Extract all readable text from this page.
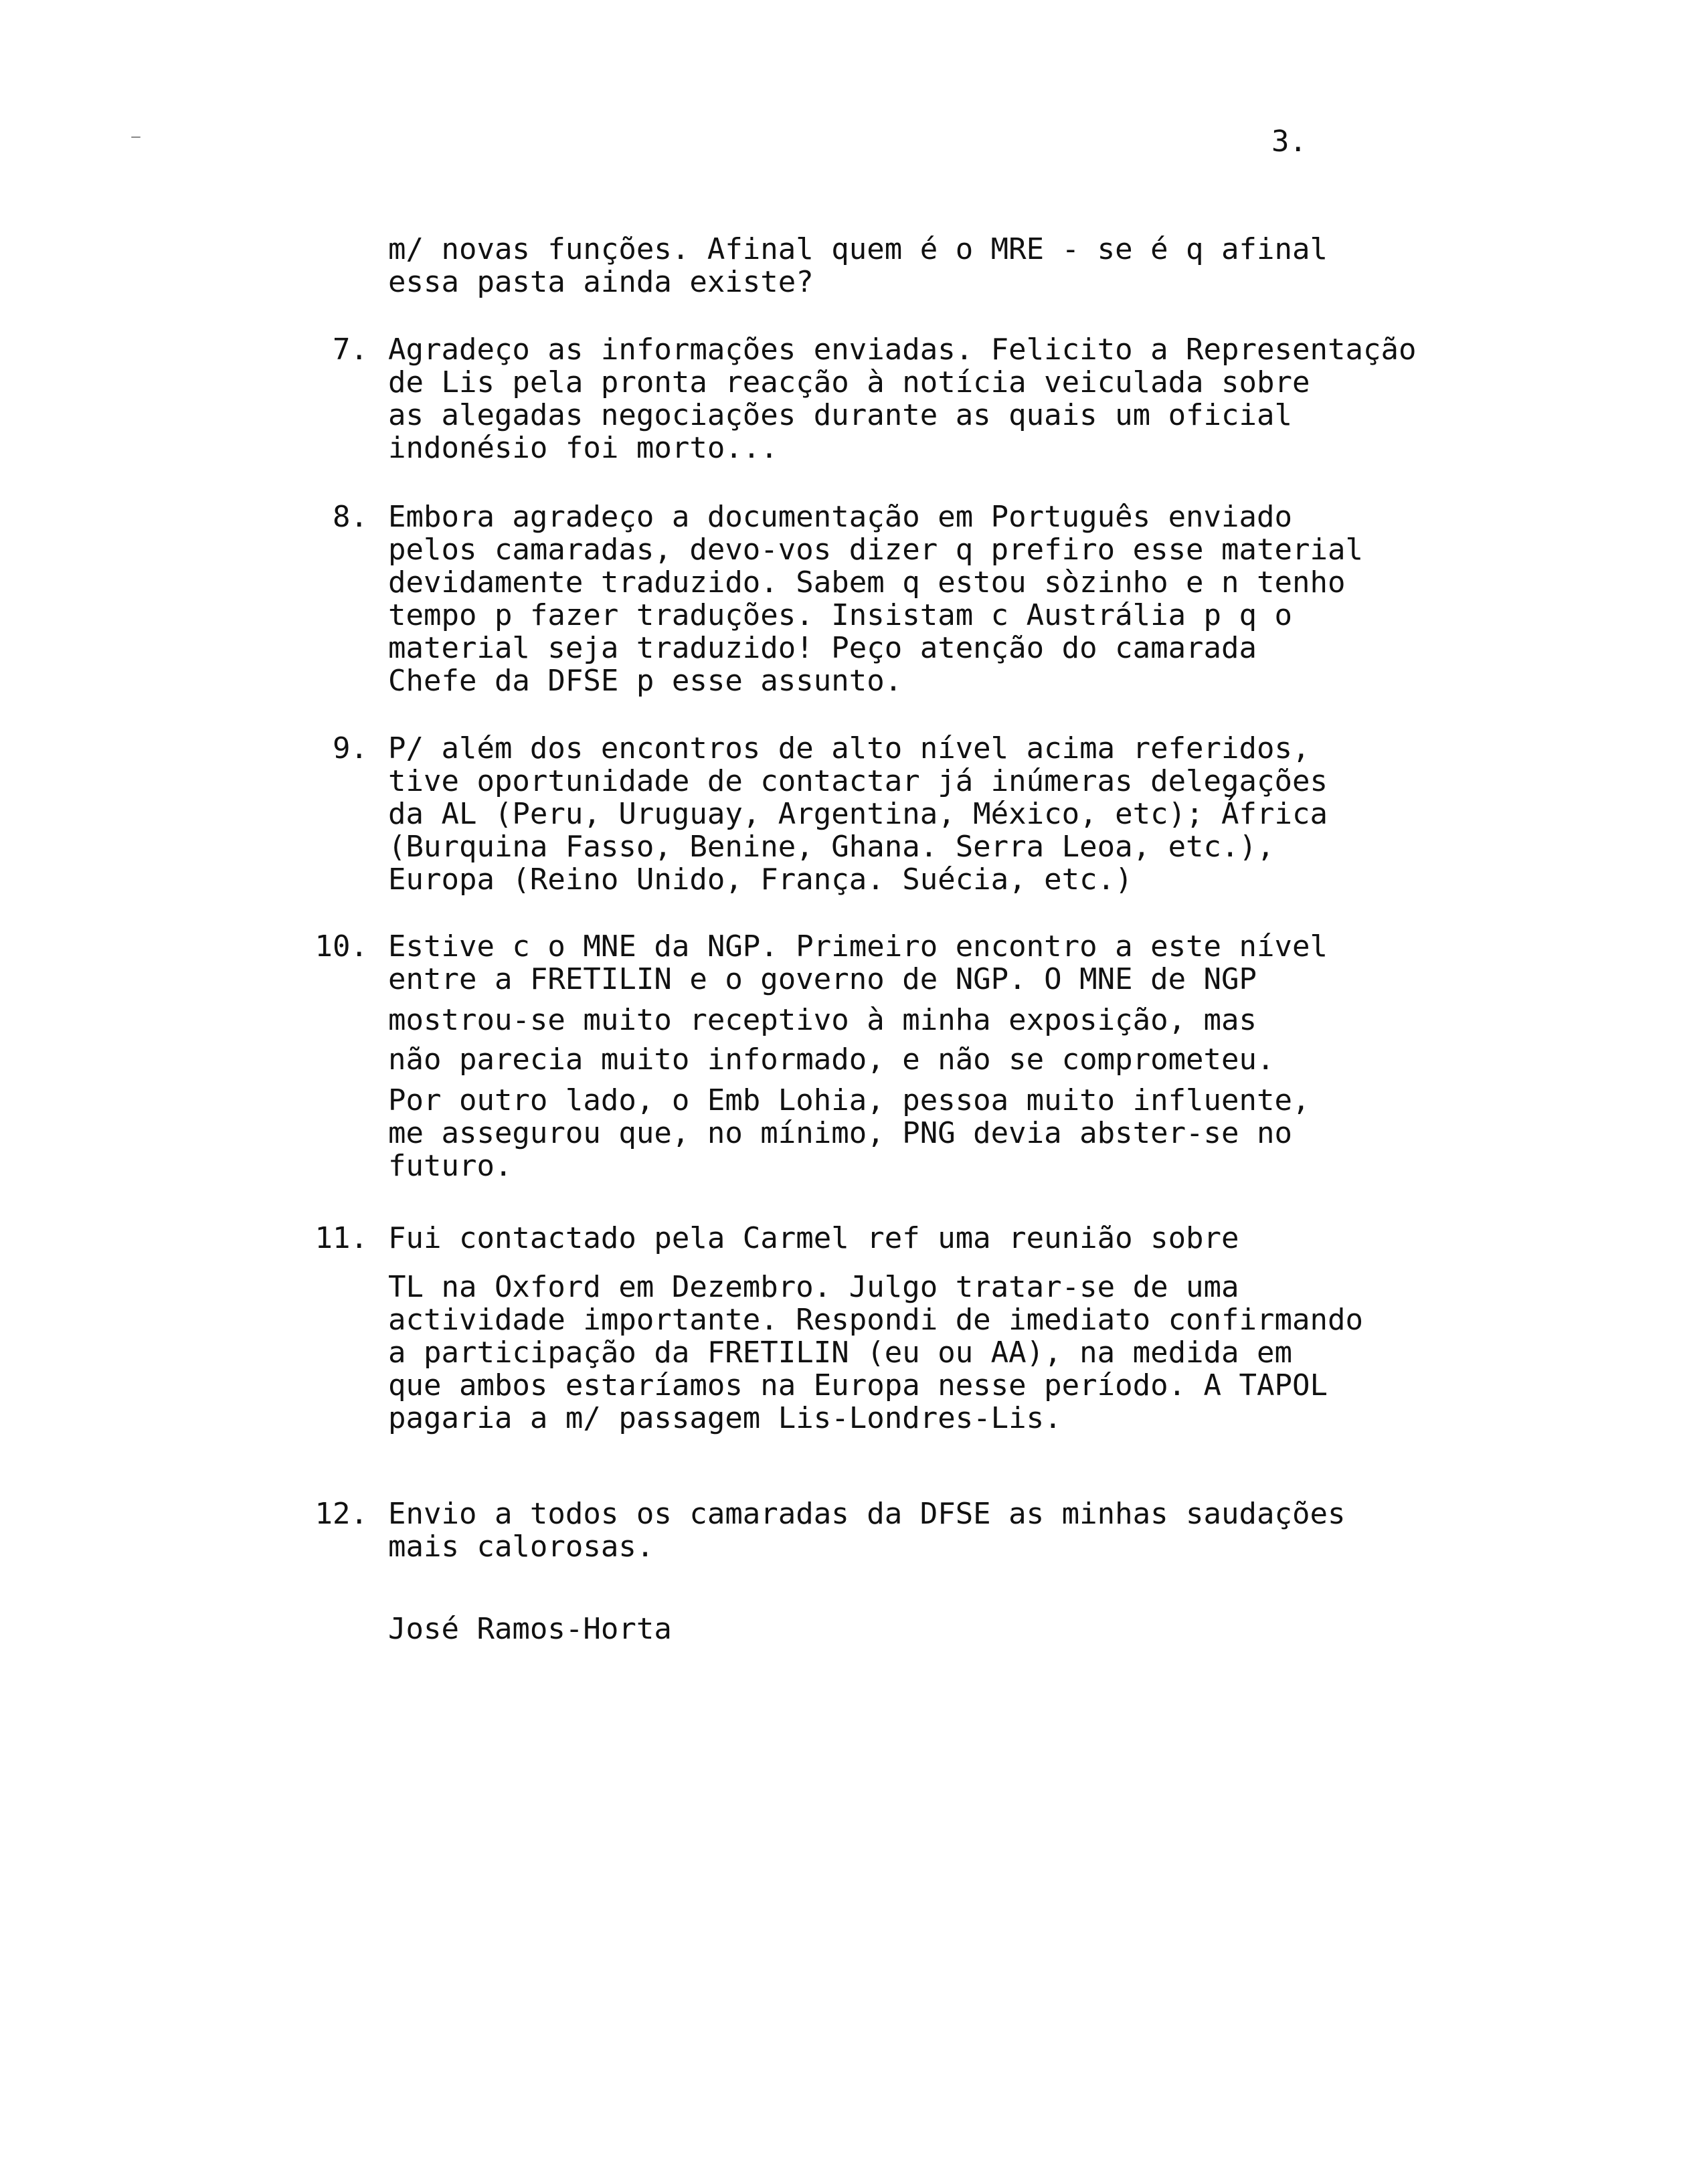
3.
m/ novas funções. Afinal quem é o MRE - se é q afinal
essa pasta ainda existe?
7. Agradeço as informações enviadas. Felicito a Representação
de Lis pela pronta reacção à notícia veiculada sobre
as alegadas negociações durante as quais um oficial
indonésio foi morto...
8. Embora agradeço a documentação em Português enviado
pelos camaradas, devo-vos dizer q prefiro esse material
devidamente traduzido. Sabem q estou sòzinho e n tenho
tempo p fazer traduções. Insistam c Austrália p q o
material seja traduzido! Peço atenção do camarada
Chefe da DFSE p esse assunto.
9. P/ além dos encontros de alto nível acima referidos,
tive oportunidade de contactar já inúmeras delegações
da AL (Peru, Uruguay, Argentina, México, etc); África
(Burquina Fasso, Benine, Ghana. Serra Leoa, etc.),
Europa (Reino Unido, França. Suécia, etc.)
10. Estive c o MNE da NGP. Primeiro encontro a este nível
entre a FRETILIN e o governo de NGP. O MNE de NGP
mostrou-se muito receptivo à minha exposição, mas
não parecia muito informado, e não se comprometeu.
Por outro lado, o Emb Lohia, pessoa muito influente,
me assegurou que, no mínimo, PNG devia abster-se no
futuro.
11. Fui contactado pela Carmel ref uma reunião sobre
TL na Oxford em Dezembro. Julgo tratar-se de uma
actividade importante. Respondi de imediato confirmando
a participação da FRETILIN (eu ou AA), na medida em
que ambos estaríamos na Europa nesse período. A TAPOL
pagaria a m/ passagem Lis-Londres-Lis.
12. Envio a todos os camaradas da DFSE as minhas saudações
mais calorosas.
José Ramos-Horta
